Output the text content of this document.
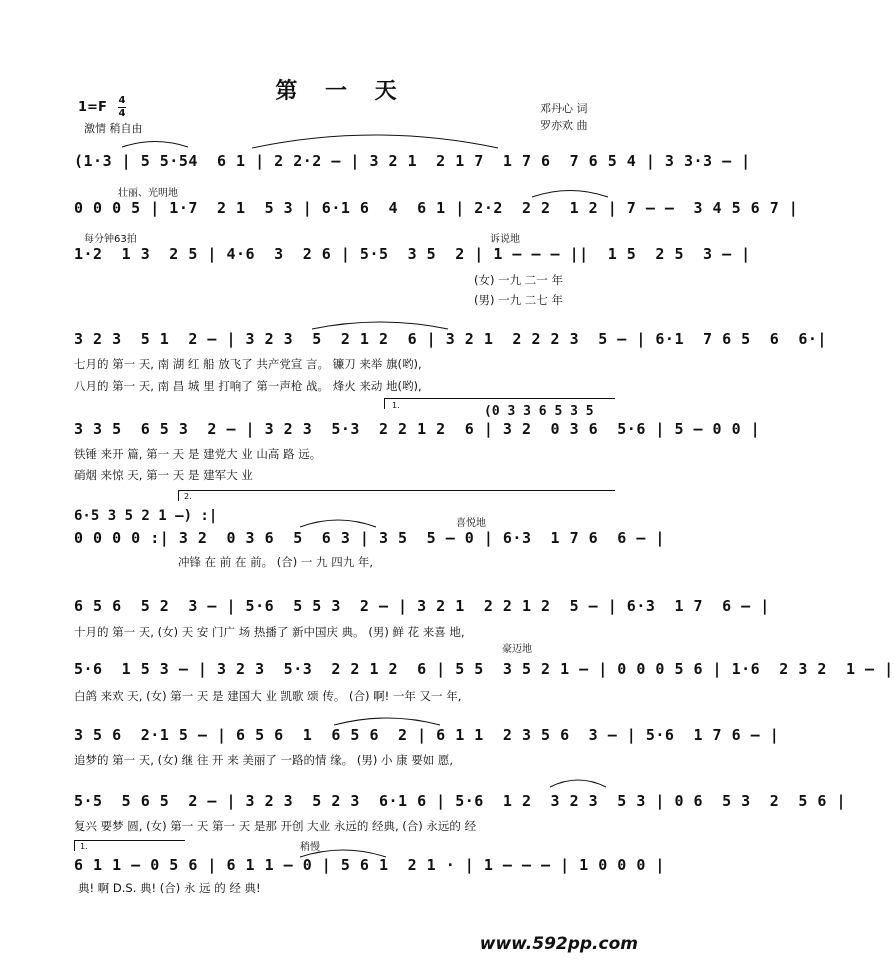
第 一 天
1=F 4
4
激情 稍自由
邓丹心 词
罗亦欢 曲
(1·3 | 5 5·54  6 1 | 2 2·2 — | 3 2 1  2 1 7  1 7 6  7 6 5 4 | 3 3·3 — |
壮丽、光明地
0 0 0 5 | 1·7  2 1  5 3 | 6·1 6  4  6 1 | 2·2  2 2  1 2 | 7 — —  3 4 5 6 7 |
每分钟63拍	诉说地
1·2  1 3  2 5 | 4·6  3  2 6 | 5·5  3 5  2 | 1 — — — ||  1 5  2 5  3 — |
(女) 一九 二一 年
(男) 一九 二七 年
3 2 3  5 1  2 — | 3 2 3  5  2 1 2  6 | 3 2 1  2 2 2 3  5 — | 6·1  7 6 5  6  6·|
七月的 第一 天, 南 湖 红 船 放飞了 共产党宣 言。 镰刀 来举 旗(哟),
八月的 第一 天, 南 昌 城 里 打响了 第一声枪 战。 烽火 来动 地(哟),
1.	(0 3 3 6 5 3 5
3 3 5  6 5 3  2 — | 3 2 3  5·3  2 2 1 2  6 | 3 2  0 3 6  5·6 | 5 — 0 0 |
铁锤 来开 篇, 第一 天 是 建党大 业 山高 路 远。
硝烟 来惊 天, 第一 天 是 建军大 业
2.
喜悦地
6·5 3 5 2 1 —) :|
0 0 0 0 :| 3 2  0 3 6  5  6 3 | 3 5  5 — 0 | 6·3  1 7 6  6 — |
冲锋 在 前 在 前。 (合) 一 九 四九 年,
6 5 6  5 2  3 — | 5·6  5 5 3  2 — | 3 2 1  2 2 1 2  5 — | 6·3  1 7  6 — |
十月的 第一 天, (女) 天 安 门广 场 热播了 新中国庆 典。 (男) 鲜 花 来喜 地,
豪迈地
5·6  1 5 3 — | 3 2 3  5·3  2 2 1 2  6 | 5 5  3 5 2 1 — | 0 0 0 5 6 | 1·6  2 3 2  1 — |
白鸽 来欢 天, (女) 第一 天 是 建国大 业 凯歌 颂 传。 (合) 啊! 一年 又一 年,
3 5 6  2·1 5 — | 6 5 6  1  6 5 6  2 | 6 1 1  2 3 5 6  3 — | 5·6  1 7 6 — |
追梦的 第一 天, (女) 继 往 开 来 美丽了 一路的情 缘。 (男) 小 康 要如 愿,
5·5  5 6 5  2 — | 3 2 3  5 2 3  6·1 6 | 5·6  1 2  3 2 3  5 3 | 0 6  5 3  2  5 6 |
复兴 要梦 圆, (女) 第一 天 第一 天 是那 开创 大业 永远的 经典, (合) 永远的 经
1.	稍慢
6 1 1 — 0 5 6 | 6 1 1 — 0 | 5 6 1  2 1 · | 1 — — — | 1 0 0 0 |
典! 啊 D.S. 典! (合) 永 远 的 经 典!
www.592pp.com
